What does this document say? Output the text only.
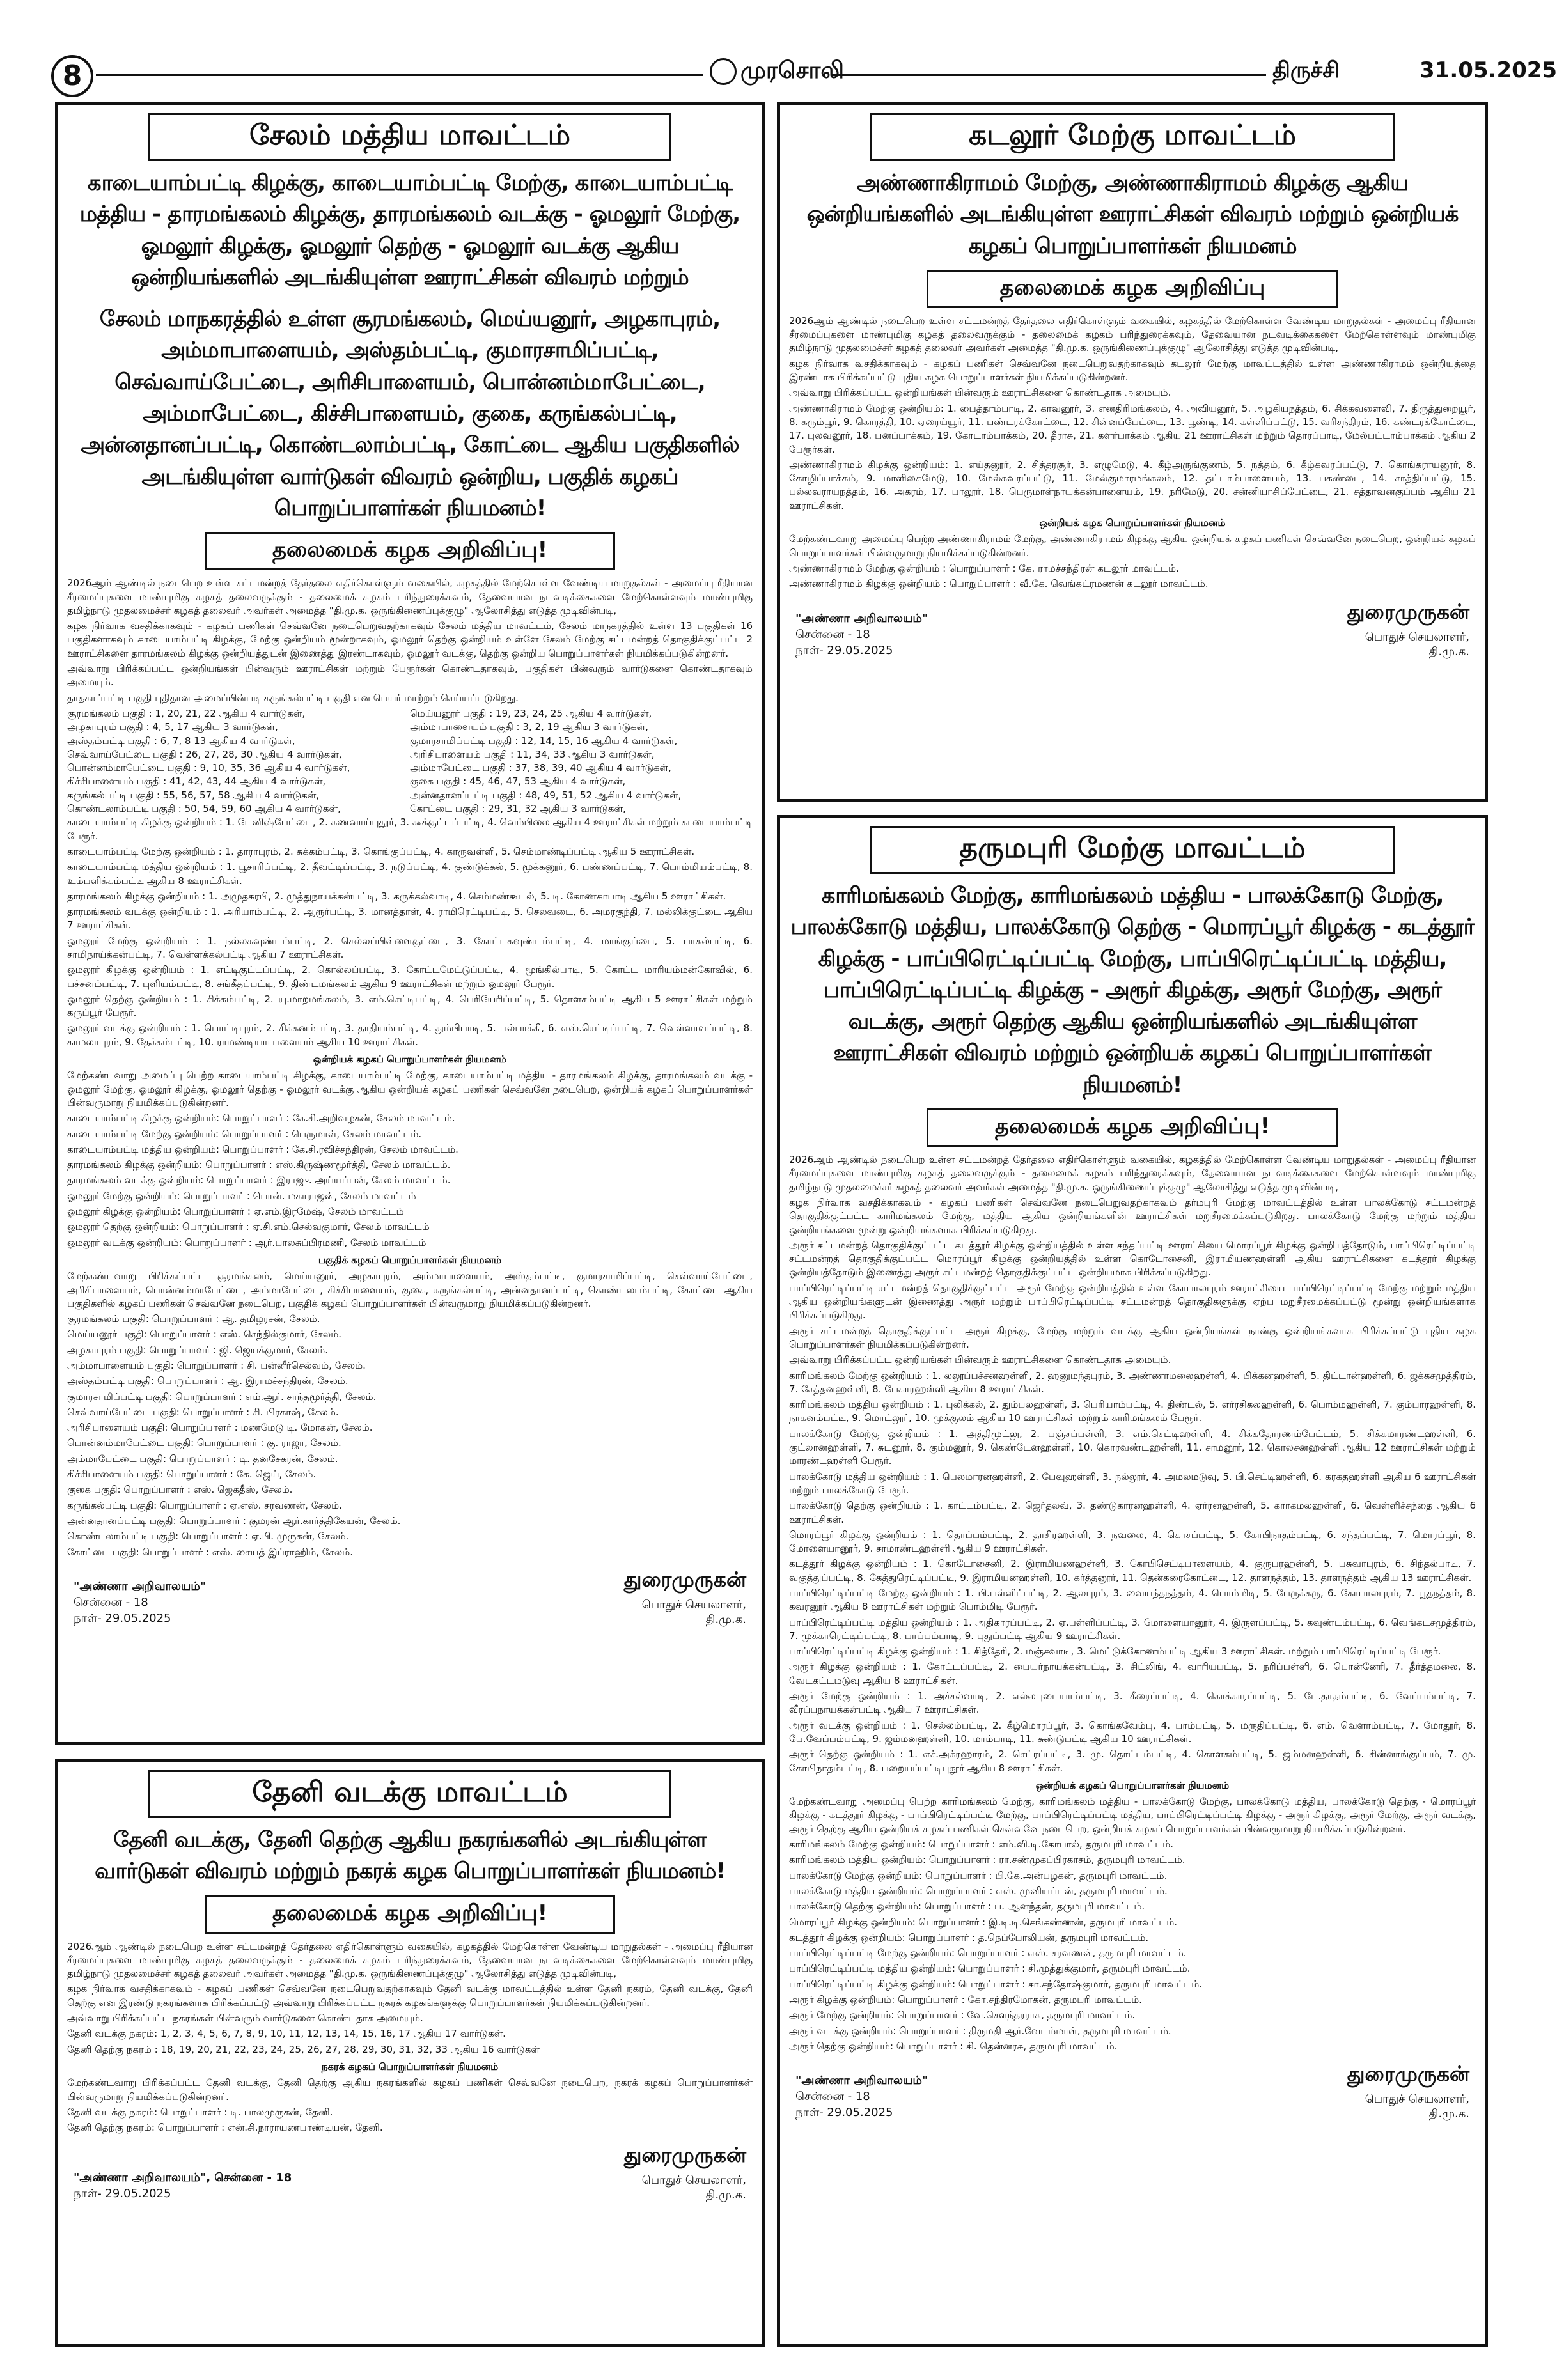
8	முரசொலி	திருச்சி	31.05.2025
சேலம் மத்திய மாவட்டம்
காடையாம்பட்டி கிழக்கு, காடையாம்பட்டி மேற்கு, காடையாம்பட்டி மத்திய - தாரமங்கலம் கிழக்கு, தாரமங்கலம் வடக்கு - ஓமலூர் மேற்கு, ஓமலூர் கிழக்கு, ஓமலூர் தெற்கு - ஓமலூர் வடக்கு ஆகிய ஒன்றியங்களில் அடங்கியுள்ள ஊராட்சிகள் விவரம் மற்றும்
சேலம் மாநகரத்தில் உள்ள சூரமங்கலம், மெய்யனூர், அழகாபுரம், அம்மாபாளையம், அஸ்தம்பட்டி, குமாரசாமிப்பட்டி, செவ்வாய்பேட்டை, அரிசிபாளையம், பொன்னம்மாபேட்டை, அம்மாபேட்டை, கிச்சிபாளையம், குகை, கருங்கல்பட்டி, அன்னதானப்பட்டி, கொண்டலாம்பட்டி, கோட்டை ஆகிய பகுதிகளில் அடங்கியுள்ள வார்டுகள் விவரம் ஒன்றிய, பகுதிக் கழகப் பொறுப்பாளர்கள் நியமனம்!
தலைமைக் கழக அறிவிப்பு!

2026ஆம் ஆண்டில் நடைபெற உள்ள சட்டமன்றத் தேர்தலை எதிர்கொள்ளும் வகையில், கழகத்தில் மேற்கொள்ள வேண்டிய மாறுதல்கள் - அமைப்பு ரீதியான சீரமைப்புகளை மாண்புமிகு கழகத் தலைவருக்கும் - தலைமைக் கழகம் பரிந்துரைக்கவும், தேவையான நடவடிக்கைகளை மேற்கொள்ளவும் மாண்புமிகு தமிழ்நாடு முதலமைச்சர் கழகத் தலைவர் அவர்கள் அமைத்த "தி.மு.க. ஒருங்கிணைப்புக்குழு" ஆலோசித்து எடுத்த முடிவின்படி,

கழக நிர்வாக வசதிக்காகவும் - கழகப் பணிகள் செவ்வனே நடைபெறுவதற்காகவும் சேலம் மத்திய மாவட்டம், சேலம் மாநகரத்தில் உள்ள 13 பகுதிகள் 16 பகுதிகளாகவும் காடையாம்பட்டி கிழக்கு, மேற்கு ஒன்றியம் மூன்றாகவும், ஓமலூர் தெற்கு ஒன்றியம் உள்ளே சேலம் மேற்கு சட்டமன்றத் தொகுதிக்குட்பட்ட 2 ஊராட்சிகளை தாரமங்கலம் கிழக்கு ஒன்றியத்துடன் இணைத்து இரண்டாகவும், ஓமலூர் வடக்கு, தெற்கு ஒன்றிய பொறுப்பாளர்கள் நியமிக்கப்படுகின்றனர்.

அவ்வாறு பிரிக்கப்பட்ட ஒன்றியங்கள் பின்வரும் ஊராட்சிகள் மற்றும் பேரூர்கள் கொண்டதாகவும், பகுதிகள் பின்வரும் வார்டுகளை கொண்டதாகவும் அமையும்.

தாதகாப்பட்டி பகுதி புதிதான அமைப்பின்படி கருங்கல்பட்டி பகுதி என பெயர் மாற்றம் செய்யப்படுகிறது.

சூரமங்கலம் பகுதி : 1, 20, 21, 22 ஆகிய 4 வார்டுகள்,	மெய்யனூர் பகுதி : 19, 23, 24, 25 ஆகிய 4 வார்டுகள்,
அழகாபுரம் பகுதி : 4, 5, 17 ஆகிய 3 வார்டுகள்,	அம்மாபாளையம் பகுதி : 3, 2, 19 ஆகிய 3 வார்டுகள்,
அஸ்தம்பட்டி பகுதி : 6, 7, 8 13 ஆகிய 4 வார்டுகள்,	குமாரசாமிப்பட்டி பகுதி : 12, 14, 15, 16 ஆகிய 4 வார்டுகள்,
செவ்வாய்பேட்டை பகுதி : 26, 27, 28, 30 ஆகிய 4 வார்டுகள்,	அரிசிபாளையம் பகுதி : 11, 34, 33 ஆகிய 3 வார்டுகள்,
பொன்னம்மாபேட்டை பகுதி : 9, 10, 35, 36 ஆகிய 4 வார்டுகள்,	அம்மாபேட்டை பகுதி : 37, 38, 39, 40 ஆகிய 4 வார்டுகள்,
கிச்சிபாளையம் பகுதி : 41, 42, 43, 44 ஆகிய 4 வார்டுகள்,	குகை பகுதி : 45, 46, 47, 53 ஆகிய 4 வார்டுகள்,
கருங்கல்பட்டி பகுதி : 55, 56, 57, 58 ஆகிய 4 வார்டுகள்,	அன்னதானப்பட்டி பகுதி : 48, 49, 51, 52 ஆகிய 4 வார்டுகள்,
கொண்டலாம்பட்டி பகுதி : 50, 54, 59, 60 ஆகிய 4 வார்டுகள்,	கோட்டை பகுதி : 29, 31, 32 ஆகிய 3 வார்டுகள்,

காடையாம்பட்டி கிழக்கு ஒன்றியம் : 1. டேனிஷ்பேட்டை, 2. கணவாய்புதூர், 3. கூக்குட்டப்பட்டி, 4. வெம்பிலை ஆகிய 4 ஊராட்சிகள் மற்றும் காடையாம்பட்டி பேரூர்.

காடையாம்பட்டி மேற்கு ஒன்றியம் : 1. தாராபுரம், 2. சுக்கம்பட்டி, 3. கொங்குப்பட்டி, 4. காருவள்ளி, 5. செம்மாண்டிப்பட்டி ஆகிய 5 ஊராட்சிகள்.

காடையாம்பட்டி மத்திய ஒன்றியம் : 1. பூசாரிப்பட்டி, 2. தீவட்டிப்பட்டி, 3. நடுப்பட்டி, 4. குண்டுக்கல், 5. மூக்கனூர், 6. பண்ணப்பட்டி, 7. பொம்மியம்பட்டி, 8. உம்பளிக்கம்பட்டி ஆகிய 8 ஊராட்சிகள்.

தாரமங்கலம் கிழக்கு ஒன்றியம் : 1. அமுதசுரபி, 2. முத்துநாயக்கன்பட்டி, 3. கருக்கல்வாடி, 4. செம்மண்கூடல், 5. டி. கோணகாபாடி ஆகிய 5 ஊராட்சிகள்.

தாரமங்கலம் வடக்கு ஒன்றியம் : 1. அரியாம்பட்டி, 2. ஆரூர்பட்டி, 3. மானத்தாள், 4. ராமிரெட்டிபட்டி, 5. செலவடை, 6. அமரகுந்தி, 7. மல்லிக்குட்டை ஆகிய 7 ஊராட்சிகள்.

ஓமலூர் மேற்கு ஒன்றியம் : 1. நல்லகவுண்டம்பட்டி, 2. செல்லப்பிள்ளைகுட்டை, 3. கோட்டகவுண்டம்பட்டி, 4. மாங்குப்பை, 5. பாகல்பட்டி, 6. சாமிநாய்க்கன்பட்டி, 7. வெள்ளக்கல்பட்டி ஆகிய 7 ஊராட்சிகள்.

ஓமலூர் கிழக்கு ஒன்றியம் : 1. எட்டிகுட்டப்பட்டி, 2. கொல்லப்பட்டி, 3. கோட்டமேட்டுப்பட்டி, 4. மூங்கில்பாடி, 5. கோட்ட மாரியம்மன்கோவில், 6. பச்சனம்பட்டி, 7. புளியம்பட்டி, 8. சங்கீதப்பட்டி, 9. திண்டமங்கலம் ஆகிய 9 ஊராட்சிகள் மற்றும் ஓமலூர் பேரூர்.

ஓமலூர் தெற்கு ஒன்றியம் : 1. சிக்கம்பட்டி, 2. யு.மாறமங்கலம், 3. எம்.செட்டிபட்டி, 4. பெரியேரிப்பட்டி, 5. தொளசம்பட்டி ஆகிய 5 ஊராட்சிகள் மற்றும் கருப்பூர் பேரூர்.

ஓமலூர் வடக்கு ஒன்றியம் : 1. பொட்டிபுரம், 2. சிக்கனம்பட்டி, 3. தாதியம்பட்டி, 4. தும்பிபாடி, 5. பல்பாக்கி, 6. எஸ்.செட்டிப்பட்டி, 7. வெள்ளாளப்பட்டி, 8. காமலாபுரம், 9. தேக்கம்பட்டி, 10. ராமண்டியாபாளையம் ஆகிய 10 ஊராட்சிகள்.

ஒன்றியக் கழகப் பொறுப்பாளர்கள் நியமனம்

மேற்கண்டவாறு அமைப்பு பெற்ற காடையாம்பட்டி கிழக்கு, காடையாம்பட்டி மேற்கு, காடையாம்பட்டி மத்திய - தாரமங்கலம் கிழக்கு, தாரமங்கலம் வடக்கு - ஓமலூர் மேற்கு, ஓமலூர் கிழக்கு, ஓமலூர் தெற்கு - ஓமலூர் வடக்கு ஆகிய ஒன்றியக் கழகப் பணிகள் செவ்வனே நடைபெற, ஒன்றியக் கழகப் பொறுப்பாளர்கள் பின்வருமாறு நியமிக்கப்படுகின்றனர்.

காடையாம்பட்டி கிழக்கு ஒன்றியம்: பொறுப்பாளர் : கே.சி.அறிவழகன், சேலம் மாவட்டம்.

காடையாம்பட்டி மேற்கு ஒன்றியம்: பொறுப்பாளர் : பெருமாள், சேலம் மாவட்டம்.

காடையாம்பட்டி மத்திய ஒன்றியம்: பொறுப்பாளர் : கே.சி.ரவிச்சந்திரன், சேலம் மாவட்டம்.

தாரமங்கலம் கிழக்கு ஒன்றியம்: பொறுப்பாளர் : எஸ்.கிருஷ்ணமூர்த்தி, சேலம் மாவட்டம்.

தாரமங்கலம் வடக்கு ஒன்றியம்: பொறுப்பாளர் : இராஜு. அய்யப்பன், சேலம் மாவட்டம்.

ஓமலூர் மேற்கு ஒன்றியம்: பொறுப்பாளர் : பொன். மகாராஜன், சேலம் மாவட்டம்

ஓமலூர் கிழக்கு ஒன்றியம்: பொறுப்பாளர் : ஏ.எம்.இரமேஷ், சேலம் மாவட்டம்

ஓமலூர் தெற்கு ஒன்றியம்: பொறுப்பாளர் : ஏ.சி.எம்.செல்வகுமார், சேலம் மாவட்டம்

ஓமலூர் வடக்கு ஒன்றியம்: பொறுப்பாளர் : ஆர்.பாலசுப்பிரமணி, சேலம் மாவட்டம்

பகுதிக் கழகப் பொறுப்பாளர்கள் நியமனம்

மேற்கண்டவாறு பிரிக்கப்பட்ட சூரமங்கலம், மெய்யனூர், அழகாபுரம், அம்மாபாளையம், அஸ்தம்பட்டி, குமாரசாமிப்பட்டி, செவ்வாய்பேட்டை, அரிசிபாளையம், பொன்னம்மாபேட்டை, அம்மாபேட்டை, கிச்சிபாளையம், குகை, கருங்கல்பட்டி, அன்னதானப்பட்டி, கொண்டலாம்பட்டி, கோட்டை ஆகிய பகுதிகளில் கழகப் பணிகள் செவ்வனே நடைபெற, பகுதிக் கழகப் பொறுப்பாளர்கள் பின்வருமாறு நியமிக்கப்படுகின்றனர்.

சூரமங்கலம் பகுதி: பொறுப்பாளர் : ஆ. தமிழரசன், சேலம்.

மெய்யனூர் பகுதி: பொறுப்பாளர் : எஸ். செந்தில்குமார், சேலம்.

அழகாபுரம் பகுதி: பொறுப்பாளர் : ஜி. ஜெயக்குமார், சேலம்.

அம்மாபாளையம் பகுதி: பொறுப்பாளர் : சி. பன்னீர்செல்வம், சேலம்.

அஸ்தம்பட்டி பகுதி: பொறுப்பாளர் : ஆ. இராமச்சந்திரன், சேலம்.

குமாரசாமிப்பட்டி பகுதி: பொறுப்பாளர் : எம்.ஆர். சாந்தமூர்த்தி, சேலம்.

செவ்வாய்பேட்டை பகுதி: பொறுப்பாளர் : சி. பிரகாஷ், சேலம்.

அரிசிபாளையம் பகுதி: பொறுப்பாளர் : மணமேடு டி. மோகன், சேலம்.

பொன்னம்மாபேட்டை பகுதி: பொறுப்பாளர் : கு. ராஜா, சேலம்.

அம்மாபேட்டை பகுதி: பொறுப்பாளர் : டி. தனசேகரன், சேலம்.

கிச்சிபாளையம் பகுதி: பொறுப்பாளர் : கே. ஜெய், சேலம்.

குகை பகுதி: பொறுப்பாளர் : எஸ். ஜெகதீஸ், சேலம்.

கருங்கல்பட்டி பகுதி: பொறுப்பாளர் : ஏ.எஸ். சரவணன், சேலம்.

அன்னதானப்பட்டி பகுதி: பொறுப்பாளர் : குமரன் ஆர்.கார்த்திகேயன், சேலம்.

கொண்டலாம்பட்டி பகுதி: பொறுப்பாளர் : ஏ.பி. முருகன், சேலம்.

கோட்டை பகுதி: பொறுப்பாளர் : எஸ். சையத் இப்ராஹிம், சேலம்.

"அண்ணா அறிவாலயம்"
சென்னை - 18
நாள்- 29.05.2025
துரைமுருகன்
பொதுச் செயலாளர்,
தி.மு.க.
தேனி வடக்கு மாவட்டம்
தேனி வடக்கு, தேனி தெற்கு ஆகிய நகரங்களில் அடங்கியுள்ள வார்டுகள் விவரம் மற்றும் நகரக் கழக பொறுப்பாளர்கள் நியமனம்!
தலைமைக் கழக அறிவிப்பு!

2026ஆம் ஆண்டில் நடைபெற உள்ள சட்டமன்றத் தேர்தலை எதிர்கொள்ளும் வகையில், கழகத்தில் மேற்கொள்ள வேண்டிய மாறுதல்கள் - அமைப்பு ரீதியான சீரமைப்புகளை மாண்புமிகு கழகத் தலைவருக்கும் - தலைமைக் கழகம் பரிந்துரைக்கவும், தேவையான நடவடிக்கைகளை மேற்கொள்ளவும் மாண்புமிகு தமிழ்நாடு முதலமைச்சர் கழகத் தலைவர் அவர்கள் அமைத்த "தி.மு.க. ஒருங்கிணைப்புக்குழு" ஆலோசித்து எடுத்த முடிவின்படி,

கழக நிர்வாக வசதிக்காகவும் - கழகப் பணிகள் செவ்வனே நடைபெறுவதற்காகவும் தேனி வடக்கு மாவட்டத்தில் உள்ள தேனி நகரம், தேனி வடக்கு, தேனி தெற்கு என இரண்டு நகரங்களாக பிரிக்கப்பட்டு அவ்வாறு பிரிக்கப்பட்ட நகரக் கழகங்களுக்கு பொறுப்பாளர்கள் நியமிக்கப்படுகின்றனர்.

அவ்வாறு பிரிக்கப்பட்ட நகரங்கள் பின்வரும் வார்டுகளை கொண்டதாக அமையும்.

தேனி வடக்கு நகரம்: 1, 2, 3, 4, 5, 6, 7, 8, 9, 10, 11, 12, 13, 14, 15, 16, 17 ஆகிய 17 வார்டுகள்.

தேனி தெற்கு நகரம் : 18, 19, 20, 21, 22, 23, 24, 25, 26, 27, 28, 29, 30, 31, 32, 33 ஆகிய 16 வார்டுகள்

நகரக் கழகப் பொறுப்பாளர்கள் நியமனம்

மேற்கண்டவாறு பிரிக்கப்பட்ட தேனி வடக்கு, தேனி தெற்கு ஆகிய நகரங்களில் கழகப் பணிகள் செவ்வனே நடைபெற, நகரக் கழகப் பொறுப்பாளர்கள் பின்வருமாறு நியமிக்கப்படுகின்றனர்.

தேனி வடக்கு நகரம்: பொறுப்பாளர் : டி. பாலமுருகன், தேனி.

தேனி தெற்கு நகரம்: பொறுப்பாளர் : என்.சி.நாராயணபாண்டியன், தேனி.

"அண்ணா அறிவாலயம்", சென்னை - 18
நாள்- 29.05.2025
துரைமுருகன்
பொதுச் செயலாளர்,
தி.மு.க.
கடலூர் மேற்கு மாவட்டம்
அண்ணாகிராமம் மேற்கு, அண்ணாகிராமம் கிழக்கு ஆகிய ஒன்றியங்களில் அடங்கியுள்ள ஊராட்சிகள் விவரம் மற்றும் ஒன்றியக் கழகப் பொறுப்பாளர்கள் நியமனம்
தலைமைக் கழக அறிவிப்பு

2026ஆம் ஆண்டில் நடைபெற உள்ள சட்டமன்றத் தேர்தலை எதிர்கொள்ளும் வகையில், கழகத்தில் மேற்கொள்ள வேண்டிய மாறுதல்கள் - அமைப்பு ரீதியான சீரமைப்புகளை மாண்புமிகு கழகத் தலைவருக்கும் - தலைமைக் கழகம் பரிந்துரைக்கவும், தேவையான நடவடிக்கைகளை மேற்கொள்ளவும் மாண்புமிகு தமிழ்நாடு முதலமைச்சர் கழகத் தலைவர் அவர்கள் அமைத்த "தி.மு.க. ஒருங்கிணைப்புக்குழு" ஆலோசித்து எடுத்த முடிவின்படி,

கழக நிர்வாக வசதிக்காகவும் - கழகப் பணிகள் செவ்வனே நடைபெறுவதற்காகவும் கடலூர் மேற்கு மாவட்டத்தில் உள்ள அண்ணாகிராமம் ஒன்றியத்தை இரண்டாக பிரிக்கப்பட்டு புதிய கழக பொறுப்பாளர்கள் நியமிக்கப்படுகின்றனர்.

அவ்வாறு பிரிக்கப்பட்ட ஒன்றியங்கள் பின்வரும் ஊராட்சிகளை கொண்டதாக அமையும்.

அண்ணாகிராமம் மேற்கு ஒன்றியம்: 1. பைத்தாம்பாடி, 2. காவனூர், 3. எனதிரிமங்கலம், 4. அவியனூர், 5. அழகியநத்தம், 6. சிக்கவளைவி, 7. திருத்துறையூர், 8. கரும்பூர், 9. கொரத்தி, 10. ஏரைய்யூர், 11. பண்டரக்கோட்டை, 12. சின்னப்பேட்டை, 13. பூண்டி, 14. கள்ளிப்பட்டு, 15. வரிசந்திரம், 16. கண்டரக்கோட்டை, 17. புலவனூர், 18. பனப்பாக்கம், 19. கோடாம்பாக்கம், 20. தீராசு, 21. களர்பாக்கம் ஆகிய 21 ஊராட்சிகள் மற்றும் தொரப்பாடி, மேல்பட்டாம்பாக்கம் ஆகிய 2 பேரூர்கள்.

அண்ணாகிராமம் கிழக்கு ஒன்றியம்: 1. எய்தனூர், 2. சித்தரசூர், 3. எழுமேடு, 4. கீழ்அருங்குணம், 5. நத்தம், 6. கீழ்கவரப்பட்டு, 7. கொங்கராயனூர், 8. கோழிப்பாக்கம், 9. மாளிகைமேடு, 10. மேல்கவரப்பட்டு, 11. மேல்குமாரமங்கலம், 12. தட்டாம்பாளையம், 13. பகண்டை, 14. சாத்திப்பட்டு, 15. பல்லவராயநத்தம், 16. அகரம், 17. பாலூர், 18. பெருமாள்நாயக்கன்பாளையம், 19. நரிமேடு, 20. சன்னியாசிப்பேட்டை, 21. சத்தாவனகுப்பம் ஆகிய 21 ஊராட்சிகள்.

ஒன்றியக் கழக பொறுப்பாளர்கள் நியமனம்

மேற்கண்டவாறு அமைப்பு பெற்ற அண்ணாகிராமம் மேற்கு, அண்ணாகிராமம் கிழக்கு ஆகிய ஒன்றியக் கழகப் பணிகள் செவ்வனே நடைபெற, ஒன்றியக் கழகப் பொறுப்பாளர்கள் பின்வருமாறு நியமிக்கப்படுகின்றனர்.

அண்ணாகிராமம் மேற்கு ஒன்றியம் : பொறுப்பாளர் : கே. ராமச்சந்திரன் கடலூர் மாவட்டம்.

அண்ணாகிராமம் கிழக்கு ஒன்றியம் : பொறுப்பாளர் : வீ.கே. வெங்கட்ரமணன் கடலூர் மாவட்டம்.

"அண்ணா அறிவாலயம்"
சென்னை - 18
நாள்- 29.05.2025
துரைமுருகன்
பொதுச் செயலாளர்,
தி.மு.க.
தருமபுரி மேற்கு மாவட்டம்
காரிமங்கலம் மேற்கு, காரிமங்கலம் மத்திய - பாலக்கோடு மேற்கு, பாலக்கோடு மத்திய, பாலக்கோடு தெற்கு - மொரப்பூர் கிழக்கு - கடத்தூர் கிழக்கு - பாப்பிரெட்டிப்பட்டி மேற்கு, பாப்பிரெட்டிப்பட்டி மத்திய, பாப்பிரெட்டிப்பட்டி கிழக்கு - அரூர் கிழக்கு, அரூர் மேற்கு, அரூர் வடக்கு, அரூர் தெற்கு ஆகிய ஒன்றியங்களில் அடங்கியுள்ள ஊராட்சிகள் விவரம் மற்றும் ஒன்றியக் கழகப் பொறுப்பாளர்கள் நியமனம்!
தலைமைக் கழக அறிவிப்பு!

2026ஆம் ஆண்டில் நடைபெற உள்ள சட்டமன்றத் தேர்தலை எதிர்கொள்ளும் வகையில், கழகத்தில் மேற்கொள்ள வேண்டிய மாறுதல்கள் - அமைப்பு ரீதியான சீரமைப்புகளை மாண்புமிகு கழகத் தலைவருக்கும் - தலைமைக் கழகம் பரிந்துரைக்கவும், தேவையான நடவடிக்கைகளை மேற்கொள்ளவும் மாண்புமிகு தமிழ்நாடு முதலமைச்சர் கழகத் தலைவர் அவர்கள் அமைத்த "தி.மு.க. ஒருங்கிணைப்புக்குழு" ஆலோசித்து எடுத்த முடிவின்படி,

கழக நிர்வாக வசதிக்காகவும் - கழகப் பணிகள் செவ்வனே நடைபெறுவதற்காகவும் தர்மபுரி மேற்கு மாவட்டத்தில் உள்ள பாலக்கோடு சட்டமன்றத் தொகுதிக்குட்பட்ட காரிமங்கலம் மேற்கு, மத்திய ஆகிய ஒன்றியங்களின் ஊராட்சிகள் மறுசீரமைக்கப்படுகிறது. பாலக்கோடு மேற்கு மற்றும் மத்திய ஒன்றியங்களை மூன்று ஒன்றியங்களாக பிரிக்கப்படுகிறது.

அரூர் சட்டமன்றத் தொகுதிக்குட்பட்ட கடத்தூர் கிழக்கு ஒன்றியத்தில் உள்ள சந்தப்பட்டி ஊராட்சியை மொரப்பூர் கிழக்கு ஒன்றியத்தோடும், பாப்பிரெட்டிப்பட்டி சட்டமன்றத் தொகுதிக்குட்பட்ட மொரப்பூர் கிழக்கு ஒன்றியத்தில் உள்ள கொடோசைனி, இராமியணஹள்ளி ஆகிய ஊராட்சிகளை கடத்தூர் கிழக்கு ஒன்றியத்தோடும் இணைத்து அரூர் சட்டமன்றத் தொகுதிக்குட்பட்ட ஒன்றியமாக பிரிக்கப்படுகிறது.

பாப்பிரெட்டிப்பட்டி சட்டமன்றத் தொகுதிக்குட்பட்ட அரூர் மேற்கு ஒன்றியத்தில் உள்ள கோபாலபுரம் ஊராட்சியை பாப்பிரெட்டிப்பட்டி மேற்கு மற்றும் மத்திய ஆகிய ஒன்றியங்களுடன் இணைத்து அரூர் மற்றும் பாப்பிரெட்டிப்பட்டி சட்டமன்றத் தொகுதிகளுக்கு ஏற்ப மறுசீரமைக்கப்பட்டு மூன்று ஒன்றியங்களாக பிரிக்கப்படுகிறது.

அரூர் சட்டமன்றத் தொகுதிக்குட்பட்ட அரூர் கிழக்கு, மேற்கு மற்றும் வடக்கு ஆகிய ஒன்றியங்கள் நான்கு ஒன்றியங்களாக பிரிக்கப்பட்டு புதிய கழக பொறுப்பாளர்கள் நியமிக்கப்படுகின்றனர்.

அவ்வாறு பிரிக்கப்பட்ட ஒன்றியங்கள் பின்வரும் ஊராட்சிகளை கொண்டதாக அமையும்.

காரிமங்கலம் மேற்கு ஒன்றியம் : 1. லலூப்பச்சனஹள்ளி, 2. ஹனுமந்தபுரம், 3. அண்ணாமலைஹள்ளி, 4. பிக்கனஹள்ளி, 5. திட்டான்ஹள்ளி, 6. ஜக்கசமுத்திரம், 7. சேத்தனஹள்ளி, 8. பேகாரஹள்ளி ஆகிய 8 ஊராட்சிகள்.

காரிமங்கலம் மத்திய ஒன்றியம் : 1. புலிக்கல், 2. தும்பலஹள்ளி, 3. பெரியாம்பட்டி, 4. திண்டல், 5. எர்ரசிகலஹள்ளி, 6. பொம்மஹள்ளி, 7. கும்பாரஹள்ளி, 8. நாகனம்பட்டி, 9. மொட்லூர், 10. முக்குலம் ஆகிய 10 ஊராட்சிகள் மற்றும் காரிமங்கலம் பேரூர்.

பாலக்கோடு மேற்கு ஒன்றியம் : 1. அத்திமுட்லு, 2. பஞ்சப்பள்ளி, 3. எம்.செட்டிஹள்ளி, 4. சிக்கதோரணம்பேட்டம், 5. சிக்கமாரண்டஹள்ளி, 6. குட்லானஹள்ளி, 7. சுடனூர், 8. கும்மனூர், 9. கெண்டேனஹள்ளி, 10. கொரவண்டஹள்ளி, 11. சாமனூர், 12. கொலசனஹள்ளி ஆகிய 12 ஊராட்சிகள் மற்றும் மாரண்டஹள்ளி பேரூர்.

பாலக்கோடு மத்திய ஒன்றியம் : 1. பெலமாரனஹள்ளி, 2. பேவுஹள்ளி, 3. நல்லூர், 4. அமலமடுவு, 5. பி.செட்டிஹள்ளி, 6. கரகதஹள்ளி ஆகிய 6 ஊராட்சிகள் மற்றும் பாலக்கோடு பேரூர்.

பாலக்கோடு தெற்கு ஒன்றியம் : 1. காட்டம்பட்டி, 2. ஜெர்தலவ், 3. தண்டுகாரனஹள்ளி, 4. ஏர்ரனஹள்ளி, 5. காாகமலஹள்ளி, 6. வெள்ளிச்சந்தை ஆகிய 6 ஊராட்சிகள்.

மொரப்பூர் கிழக்கு ஒன்றியம் : 1. தொப்பம்பட்டி, 2. தாசிரஹள்ளி, 3. நவலை, 4. கொசப்பட்டி, 5. கோபிநாதம்பட்டி, 6. சந்தப்பட்டி, 7. மொரப்பூர், 8. மோளையானூர், 9. சாமாண்டஹள்ளி ஆகிய 9 ஊராட்சிகள்.

கடத்தூர் கிழக்கு ஒன்றியம் : 1. கொடோசைனி, 2. இராமியணஹள்ளி, 3. கோபிசெட்டிபாளையம், 4. குருபரஹள்ளி, 5. பசுவாபுரம், 6. சிந்தல்பாடி, 7. வகுத்துப்பட்டி, 8. கேத்துரெட்டிப்பட்டி, 9. இராமியனஹள்ளி, 10. கர்த்தனூர், 11. தென்கரைகோட்டை, 12. தாளநத்தம், 13. தாளநத்தம் ஆகிய 13 ஊராட்சிகள்.

பாப்பிரெட்டிப்பட்டி மேற்கு ஒன்றியம் : 1. பி.பள்ளிப்பட்டி, 2. ஆலபுரம், 3. வையந்தநத்தம், 4. பொம்மிடி, 5. பேருக்கரு, 6. கோபாலபுரம், 7. பூதநத்தம், 8. கவரனூர் ஆகிய 8 ஊராட்சிகள் மற்றும் பொம்மிடி பேரூர்.

பாப்பிரெட்டிப்பட்டி மத்திய ஒன்றியம் : 1. அதிகாரப்பட்டி, 2. ஏ.பள்ளிப்பட்டி, 3. மோளையானூர், 4. இருளப்பட்டி, 5. கவுண்டம்பட்டி, 6. வெங்கடசமுத்திரம், 7. முக்காரெட்டிப்பட்டி, 8. பாப்பம்பாடி, 9. புதுப்பட்டி ஆகிய 9 ஊராட்சிகள்.

பாப்பிரெட்டிப்பட்டி கிழக்கு ஒன்றியம் : 1. சித்தேரி, 2. மஞ்சவாடி, 3. மெட்டுக்கோணம்பட்டி ஆகிய 3 ஊராட்சிகள். மற்றும் பாப்பிரெட்டிப்பட்டி பேரூர்.

அரூர் கிழக்கு ஒன்றியம் : 1. கோட்டப்பட்டி, 2. பையர்நாயக்கன்பட்டி, 3. சிட்லிங், 4. வாரியபட்டி, 5. நரிப்பள்ளி, 6. பொன்னேரி, 7. தீர்த்தமலை, 8. வேடகட்டமடுவு ஆகிய 8 ஊராட்சிகள்.

அரூர் மேற்கு ஒன்றியம் : 1. அச்சல்வாடி, 2. எல்லபுடையாம்பட்டி, 3. கீரைப்பட்டி, 4. கொக்காரப்பட்டி, 5. பே.தாதம்பட்டி, 6. வேப்பம்பட்டி, 7. வீரப்பநாயக்கன்பட்டி ஆகிய 7 ஊராட்சிகள்.

அரூர் வடக்கு ஒன்றியம் : 1. செல்லம்பட்டி, 2. கீழ்மொரப்பூர், 3. கொங்கவேம்பு, 4. பாம்பட்டி, 5. மருதிப்பட்டி, 6. எம். வெளாம்பட்டி, 7. மோதூர், 8. பே.வேப்பம்பட்டி, 9. ஜம்மனஹள்ளி, 10. மாம்பாடி, 11. சுண்டுபட்டி ஆகிய 10 ஊராட்சிகள்.

அரூர் தெற்கு ஒன்றியம் : 1. எச்.அக்ரஹாரம், 2. செட்ரப்பட்டி, 3. மு. தொட்டம்பட்டி, 4. கொளகம்பட்டி, 5. ஜம்மனஹள்ளி, 6. சின்னாங்குப்பம், 7. மு. கோபிநாதம்பட்டி, 8. பறையப்பட்டிபுதூர் ஆகிய 8 ஊராட்சிகள்.

ஒன்றியக் கழகப் பொறுப்பாளர்கள் நியமனம்

மேற்கண்டவாறு அமைப்பு பெற்ற காரிமங்கலம் மேற்கு, காரிமங்கலம் மத்திய - பாலக்கோடு மேற்கு, பாலக்கோடு மத்திய, பாலக்கோடு தெற்கு - மொரப்பூர் கிழக்கு - கடத்தூர் கிழக்கு - பாப்பிரெட்டிப்பட்டி மேற்கு, பாப்பிரெட்டிப்பட்டி மத்திய, பாப்பிரெட்டிப்பட்டி கிழக்கு - அரூர் கிழக்கு, அரூர் மேற்கு, அரூர் வடக்கு, அரூர் தெற்கு ஆகிய ஒன்றியக் கழகப் பணிகள் செவ்வனே நடைபெற, ஒன்றியக் கழகப் பொறுப்பாளர்கள் பின்வருமாறு நியமிக்கப்படுகின்றனர்.

காரிமங்கலம் மேற்கு ஒன்றியம்: பொறுப்பாளர் : எம்.வி.டி.கோபால், தருமபுரி மாவட்டம்.

காரிமங்கலம் மத்திய ஒன்றியம்: பொறுப்பாளர் : ரா.சண்முகப்பிரகாசம், தருமபுரி மாவட்டம்.

பாலக்கோடு மேற்கு ஒன்றியம்: பொறுப்பாளர் : பி.கே.அன்பழகன், தருமபுரி மாவட்டம்.

பாலக்கோடு மத்திய ஒன்றியம்: பொறுப்பாளர் : எஸ். முனியப்பன், தருமபுரி மாவட்டம்.

பாலக்கோடு தெற்கு ஒன்றியம்: பொறுப்பாளர் : ப. ஆனந்தன், தருமபுரி மாவட்டம்.

மொரப்பூர் கிழக்கு ஒன்றியம்: பொறுப்பாளர் : இ.டி.டி.செங்கண்ணன், தருமபுரி மாவட்டம்.

கடத்தூர் கிழக்கு ஒன்றியம்: பொறுப்பாளர் : த.நெப்போலியன், தருமபுரி மாவட்டம்.

பாப்பிரெட்டிப்பட்டி மேற்கு ஒன்றியம்: பொறுப்பாளர் : எஸ். சரவணன், தருமபுரி மாவட்டம்.

பாப்பிரெட்டிப்பட்டி மத்திய ஒன்றியம்: பொறுப்பாளர் : சி.முத்துக்குமார், தருமபுரி மாவட்டம்.

பாப்பிரெட்டிப்பட்டி கிழக்கு ஒன்றியம்: பொறுப்பாளர் : சா.சந்தோஷ்குமார், தருமபுரி மாவட்டம்.

அரூர் கிழக்கு ஒன்றியம்: பொறுப்பாளர் : கோ.சந்திரமோகன், தருமபுரி மாவட்டம்.

அரூர் மேற்கு ஒன்றியம்: பொறுப்பாளர் : வே.சௌந்தரராசு, தருமபுரி மாவட்டம்.

அரூர் வடக்கு ஒன்றியம்: பொறுப்பாளர் : திருமதி ஆர்.வேடம்மாள், தருமபுரி மாவட்டம்.

அரூர் தெற்கு ஒன்றியம்: பொறுப்பாளர் : சி. தென்னரசு, தருமபுரி மாவட்டம்.

"அண்ணா அறிவாலயம்"
சென்னை - 18
நாள்- 29.05.2025
துரைமுருகன்
பொதுச் செயலாளர்,
தி.மு.க.
